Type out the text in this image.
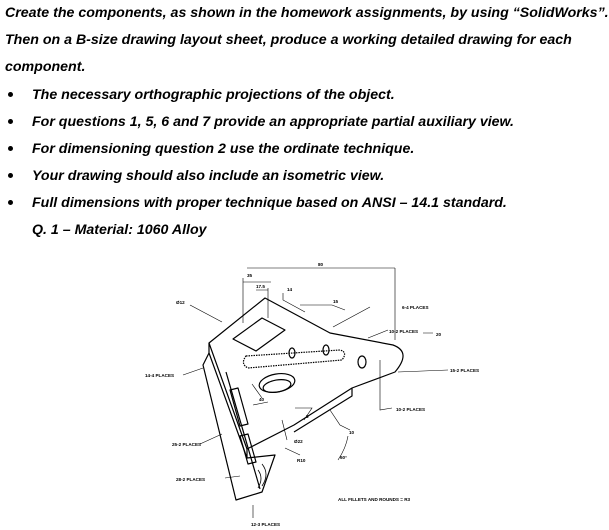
Create the components, as shown in the homework assignments, by using “SolidWorks”.
Then on a B-size drawing layout sheet, produce a working detailed drawing for each
component.
The necessary orthographic projections of the object.
For questions 1, 5, 6 and 7 provide an appropriate partial auxiliary view.
For dimensioning question 2 use the ordinate technique.
Your drawing should also include an isometric view.
Full dimensions with proper technique based on ANSI – 14.1 standard.
Q. 1 – Material: 1060 Alloy
35
80
17.5
14
Ø12	15
6-4 PLACES
10-2 PLACES
20
14-4 PLACES
15-2 PLACES
40
10-2 PLACES
8
10
25-2 PLACES
Ø22
R10
60°
28-2 PLACES
ALL FILLETS AND ROUNDS = R3
12-3 PLACES
